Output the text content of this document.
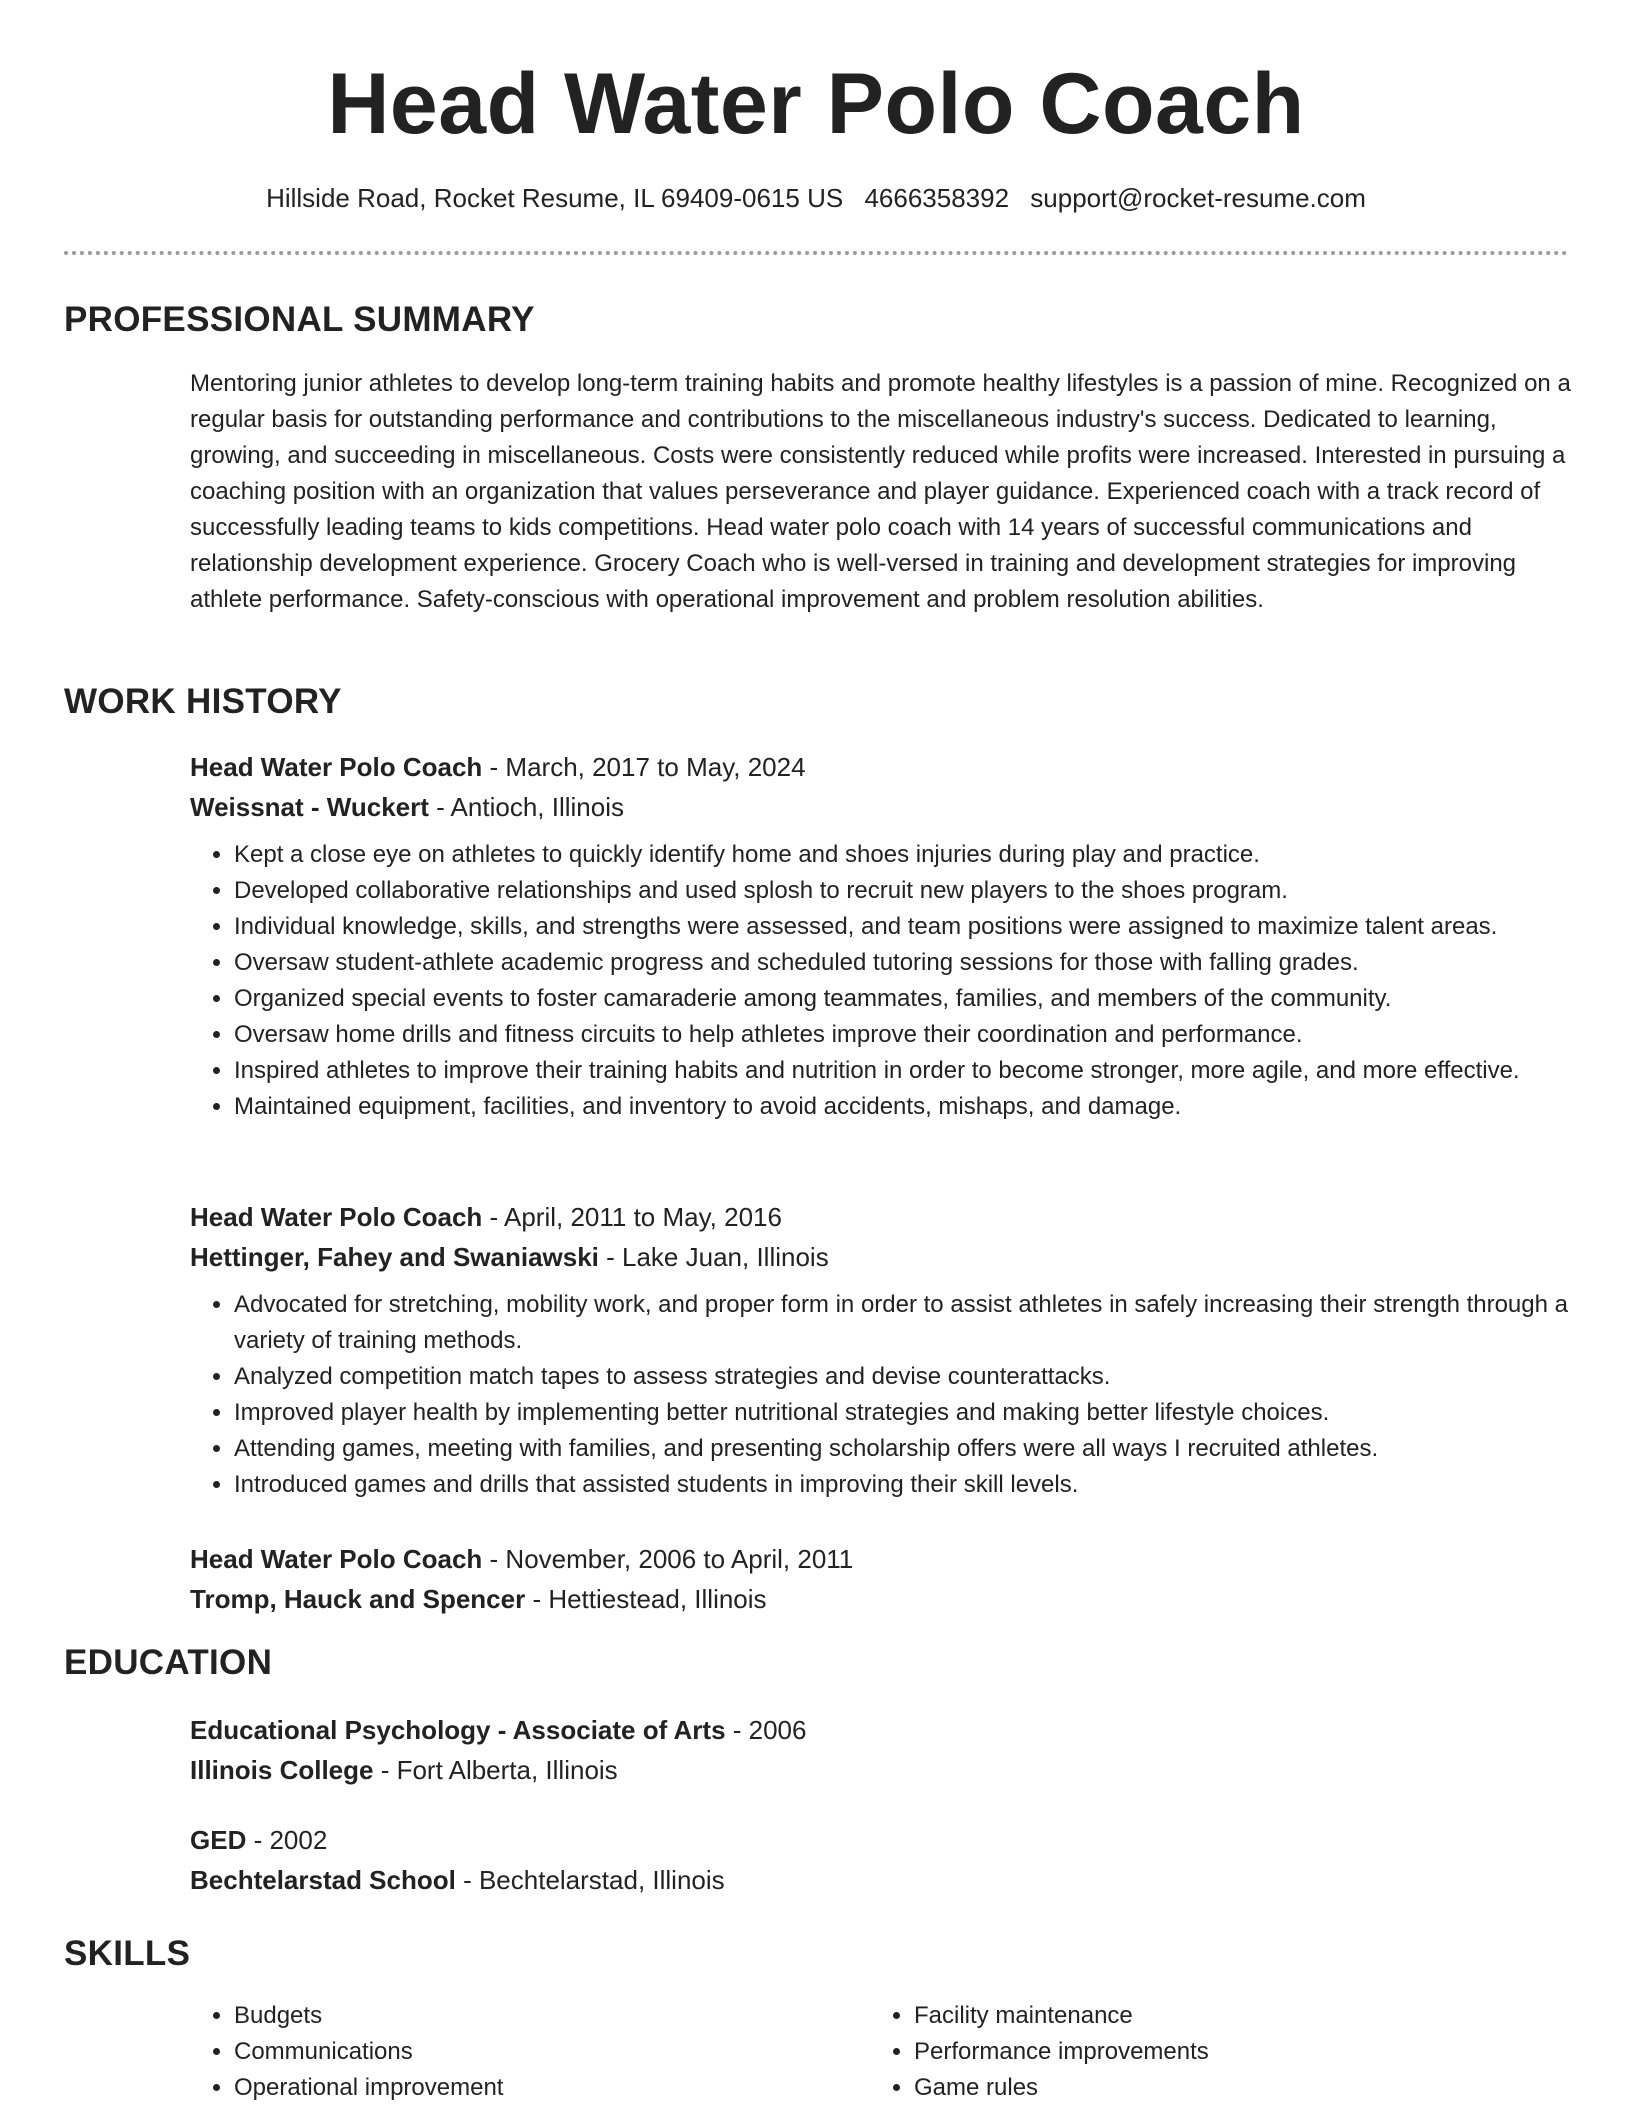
Head Water Polo Coach
Hillside Road, Rocket Resume, IL 69409-0615 US 4666358392 support@rocket-resume.com
PROFESSIONAL SUMMARY

Mentoring junior athletes to develop long-term training habits and promote healthy lifestyles is a passion of mine. Recognized on a regular basis for outstanding performance and contributions to the miscellaneous industry's success. Dedicated to learning, growing, and succeeding in miscellaneous. Costs were consistently reduced while profits were increased. Interested in pursuing a coaching position with an organization that values perseverance and player guidance. Experienced coach with a track record of successfully leading teams to kids competitions. Head water polo coach with 14 years of successful communications and relationship development experience. Grocery Coach who is well-versed in training and development strategies for improving athlete performance. Safety-conscious with operational improvement and problem resolution abilities.

WORK HISTORY
Head Water Polo Coach - March, 2017 to May, 2024
Weissnat - Wuckert - Antioch, Illinois
• Kept a close eye on athletes to quickly identify home and shoes injuries during play and practice.
• Developed collaborative relationships and used splosh to recruit new players to the shoes program.
• Individual knowledge, skills, and strengths were assessed, and team positions were assigned to maximize talent areas.
• Oversaw student-athlete academic progress and scheduled tutoring sessions for those with falling grades.
• Organized special events to foster camaraderie among teammates, families, and members of the community.
• Oversaw home drills and fitness circuits to help athletes improve their coordination and performance.
• Inspired athletes to improve their training habits and nutrition in order to become stronger, more agile, and more effective.
• Maintained equipment, facilities, and inventory to avoid accidents, mishaps, and damage.
Head Water Polo Coach - April, 2011 to May, 2016
Hettinger, Fahey and Swaniawski - Lake Juan, Illinois
• Advocated for stretching, mobility work, and proper form in order to assist athletes in safely increasing their strength through a variety of training methods.
• Analyzed competition match tapes to assess strategies and devise counterattacks.
• Improved player health by implementing better nutritional strategies and making better lifestyle choices.
• Attending games, meeting with families, and presenting scholarship offers were all ways I recruited athletes.
• Introduced games and drills that assisted students in improving their skill levels.
Head Water Polo Coach - November, 2006 to April, 2011
Tromp, Hauck and Spencer - Hettiestead, Illinois
EDUCATION
Educational Psychology - Associate of Arts - 2006
Illinois College - Fort Alberta, Illinois
GED - 2002
Bechtelarstad School - Bechtelarstad, Illinois
SKILLS
• Budgets
• Communications
• Operational improvement
• Facility maintenance
• Performance improvements
• Game rules
